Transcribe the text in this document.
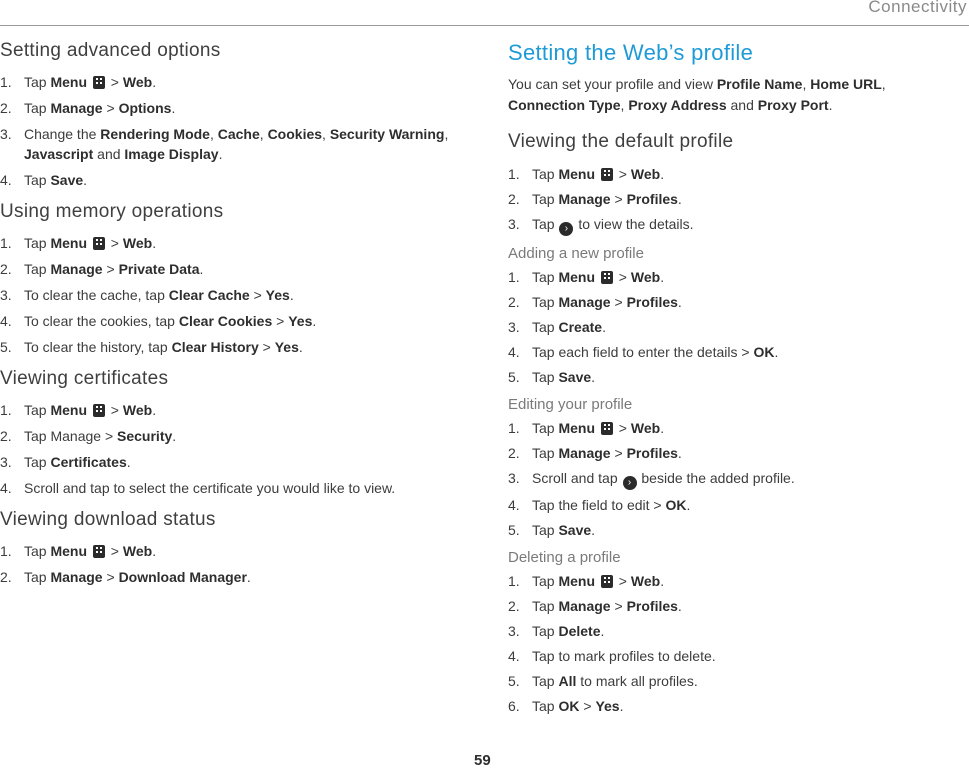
Connectivity
Setting advanced options
1. Tap Menu  > Web.
2. Tap Manage > Options.
3. Change the Rendering Mode, Cache, Cookies, Security Warning, Javascript and Image Display.
4. Tap Save.
Using memory operations
1. Tap Menu  > Web.
2. Tap Manage > Private Data.
3. To clear the cache, tap Clear Cache > Yes.
4. To clear the cookies, tap Clear Cookies > Yes.
5. To clear the history, tap Clear History > Yes.
Viewing certificates
1. Tap Menu  > Web.
2. Tap Manage > Security.
3. Tap Certificates.
4. Scroll and tap to select the certificate you would like to view.
Viewing download status
1. Tap Menu  > Web.
2. Tap Manage > Download Manager.
Setting the Web’s profile

You can set your profile and view Profile Name, Home URL, Connection Type, Proxy Address and Proxy Port.

Viewing the default profile
1. Tap Menu  > Web.
2. Tap Manage > Profiles.
3. Tap › to view the details.
Adding a new profile
1. Tap Menu  > Web.
2. Tap Manage > Profiles.
3. Tap Create.
4. Tap each field to enter the details > OK.
5. Tap Save.
Editing your profile
1. Tap Menu  > Web.
2. Tap Manage > Profiles.
3. Scroll and tap › beside the added profile.
4. Tap the field to edit > OK.
5. Tap Save.
Deleting a profile
1. Tap Menu  > Web.
2. Tap Manage > Profiles.
3. Tap Delete.
4. Tap to mark profiles to delete.
5. Tap All to mark all profiles.
6. Tap OK > Yes.
59
